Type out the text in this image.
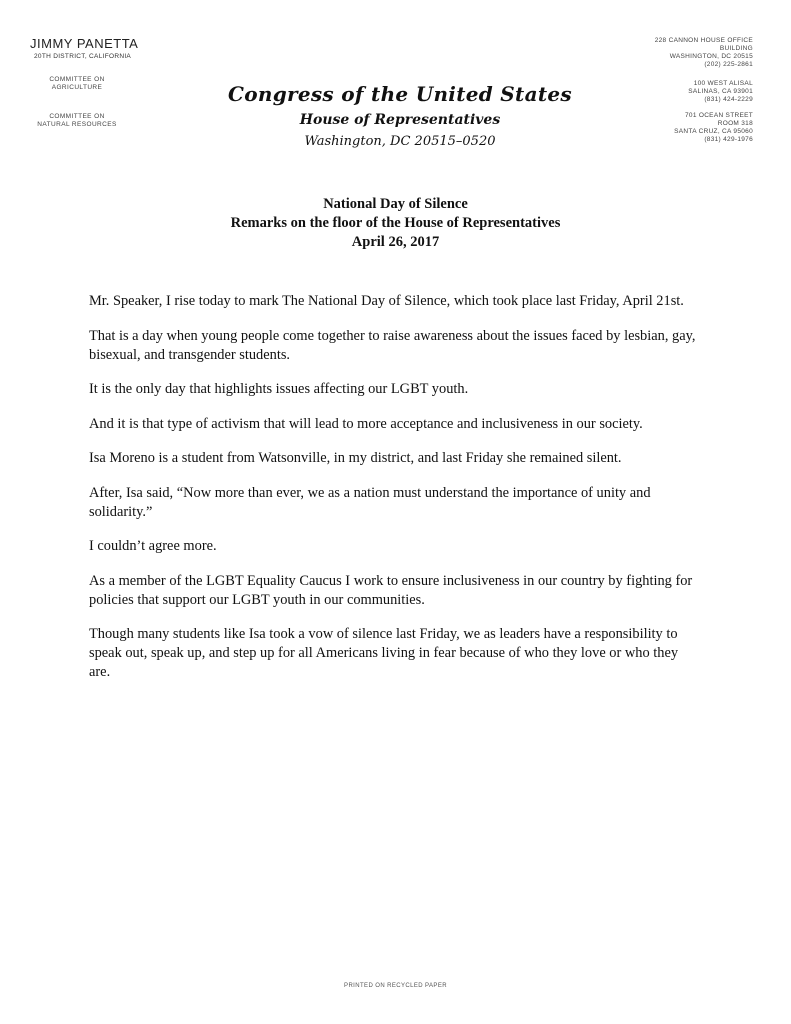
JIMMY PANETTA
20TH DISTRICT, CALIFORNIA
COMMITTEE ON
AGRICULTURE
COMMITTEE ON
NATURAL RESOURCES
Congress of the United States
House of Representatives
Washington, DC 20515–0520
228 CANNON HOUSE OFFICE
BUILDING
WASHINGTON, DC 20515
(202) 225-2861
100 WEST ALISAL
SALINAS, CA 93901
(831) 424-2229
701 OCEAN STREET
ROOM 318
SANTA CRUZ, CA 95060
(831) 429-1976
National Day of Silence
Remarks on the floor of the House of Representatives
April 26, 2017

Mr. Speaker, I rise today to mark The National Day of Silence, which took place last Friday, April 21st.

That is a day when young people come together to raise awareness about the issues faced by lesbian, gay, bisexual, and transgender students.

It is the only day that highlights issues affecting our LGBT youth.

And it is that type of activism that will lead to more acceptance and inclusiveness in our society.

Isa Moreno is a student from Watsonville, in my district, and last Friday she remained silent.

After, Isa said, “Now more than ever, we as a nation must understand the importance of unity and solidarity.”

I couldn’t agree more.

As a member of the LGBT Equality Caucus I work to ensure inclusiveness in our country by fighting for policies that support our LGBT youth in our communities.

Though many students like Isa took a vow of silence last Friday, we as leaders have a responsibility to speak out, speak up, and step up for all Americans living in fear because of who they love or who they are.

PRINTED ON RECYCLED PAPER
